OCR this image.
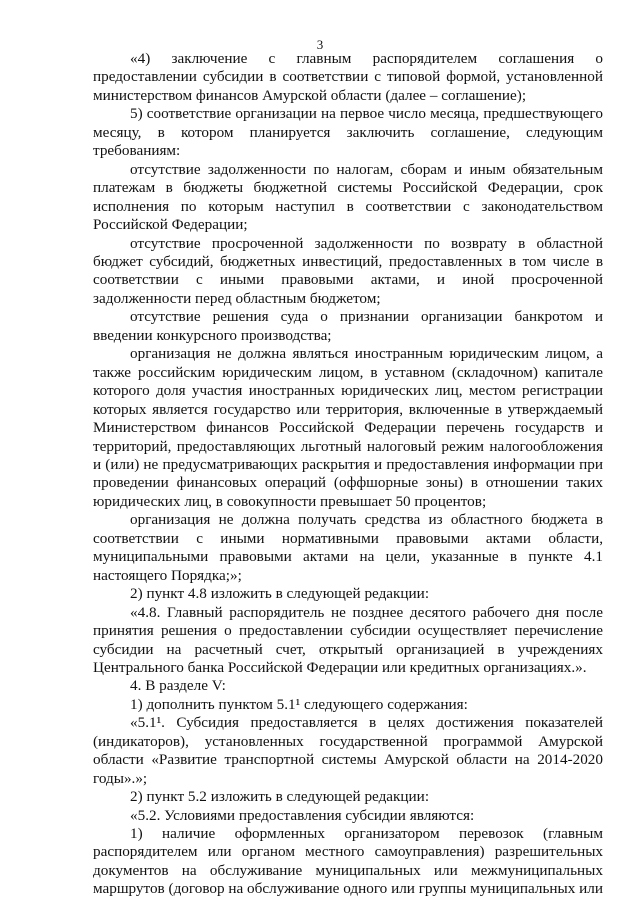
3

«4) заключение с главным распорядителем соглашения о предоставлении субсидии в соответствии с типовой формой, установленной министерством финансов Амурской области (далее – соглашение);

5) соответствие организации на первое число месяца, предшествующего месяцу, в котором планируется заключить соглашение, следующим требованиям:

отсутствие задолженности по налогам, сборам и иным обязательным платежам в бюджеты бюджетной системы Российской Федерации, срок исполнения по которым наступил в соответствии с законодательством Российской Федерации;

отсутствие просроченной задолженности по возврату в областной бюджет субсидий, бюджетных инвестиций, предоставленных в том числе в соответствии с иными правовыми актами, и иной просроченной задолженности перед областным бюджетом;

отсутствие решения суда о признании организации банкротом и введении конкурсного производства;

организация не должна являться иностранным юридическим лицом, а также российским юридическим лицом, в уставном (складочном) капитале которого доля участия иностранных юридических лиц, местом регистрации которых является государство или территория, включенные в утверждаемый Министерством финансов Российской Федерации перечень государств и территорий, предоставляющих льготный налоговый режим налогообложения и (или) не предусматривающих раскрытия и предоставления информации при проведении финансовых операций (оффшорные зоны) в отношении таких юридических лиц, в совокупности превышает 50 процентов;

организация не должна получать средства из областного бюджета в соответствии с иными нормативными правовыми актами области, муниципальными правовыми актами на цели, указанные в пункте 4.1 настоящего Порядка;»;

2) пункт 4.8 изложить в следующей редакции:

«4.8. Главный распорядитель не позднее десятого рабочего дня после принятия решения о предоставлении субсидии осуществляет перечисление субсидии на расчетный счет, открытый организацией в учреждениях Центрального банка Российской Федерации или кредитных организациях.».

4. В разделе V:

1) дополнить пунктом 5.1¹ следующего содержания:

«5.1¹. Субсидия предоставляется в целях достижения показателей (индикаторов), установленных государственной программой Амурской области «Развитие транспортной системы Амурской области на 2014-2020 годы».»;

2) пункт 5.2 изложить в следующей редакции:

«5.2. Условиями предоставления субсидии являются:

1) наличие оформленных организатором перевозок (главным распорядителем или органом местного самоуправления) разрешительных документов на обслуживание муниципальных или межмуниципальных маршрутов (договор на обслуживание одного или группы муниципальных или
